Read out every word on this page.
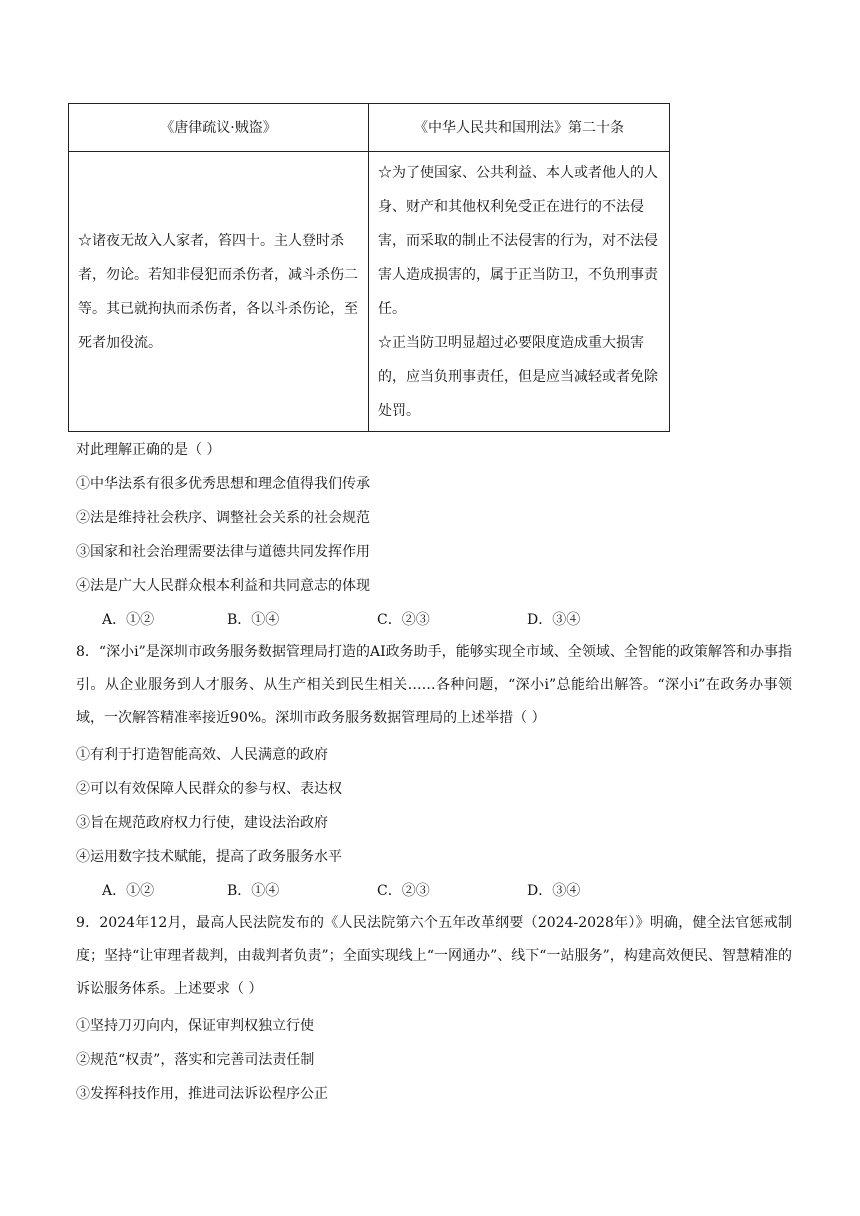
《唐律疏议·贼盗》	《中华人民共和国刑法》第二十条
☆诸夜无故入人家者，笞四十。主人登时杀者，勿论。若知非侵犯而杀伤者，减斗杀伤二等。其已就拘执而杀伤者，各以斗杀伤论，至死者加役流。	☆为了使国家、公共利益、本人或者他人的人身、财产和其他权利免受正在进行的不法侵害，而采取的制止不法侵害的行为，对不法侵害人造成损害的，属于正当防卫，不负刑事责任。
☆正当防卫明显超过必要限度造成重大损害的，应当负刑事责任，但是应当减轻或者免除处罚。
对此理解正确的是（ ）
①中华法系有很多优秀思想和理念值得我们传承
②法是维持社会秩序、调整社会关系的社会规范
③国家和社会治理需要法律与道德共同发挥作用
④法是广大人民群众根本利益和共同意志的体现
A．①②	B．①④	C．②③	D．③④
8．“深小i”是深圳市政务服务数据管理局打造的AI政务助手，能够实现全市域、全领域、全智能的政策解答和办事指引。从企业服务到人才服务、从生产相关到民生相关……各种问题，“深小i”总能给出解答。“深小i”在政务办事领域，一次解答精准率接近90%。深圳市政务服务数据管理局的上述举措（ ）
①有利于打造智能高效、人民满意的政府
②可以有效保障人民群众的参与权、表达权
③旨在规范政府权力行使，建设法治政府
④运用数字技术赋能，提高了政务服务水平
A．①②	B．①④	C．②③	D．③④
9．2024年12月，最高人民法院发布的《人民法院第六个五年改革纲要（2024-2028年）》明确，健全法官惩戒制度；坚持“让审理者裁判，由裁判者负责”；全面实现线上“一网通办”、线下“一站服务”，构建高效便民、智慧精准的诉讼服务体系。上述要求（ ）
①坚持刀刃向内，保证审判权独立行使
②规范“权责”，落实和完善司法责任制
③发挥科技作用，推进司法诉讼程序公正
